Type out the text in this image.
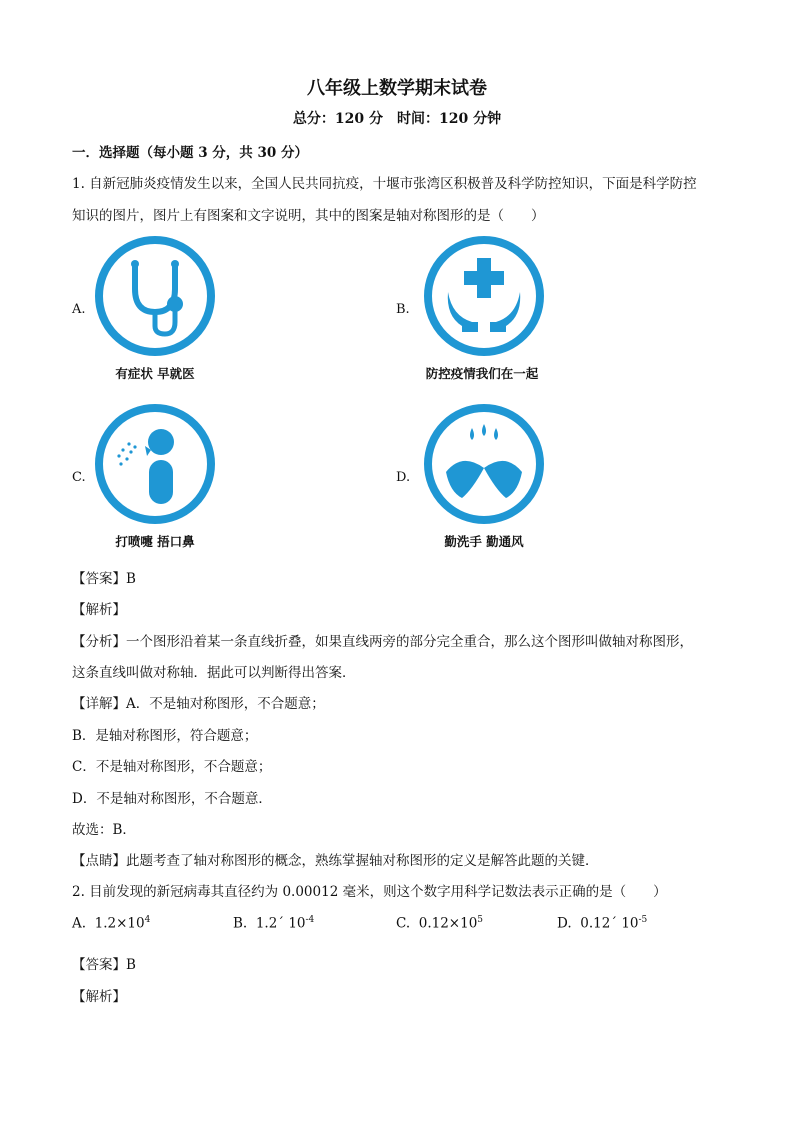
八年级上数学期末试卷
总分：120 分　时间：120 分钟
一．选择题（每小题 3 分，共 30 分）
1. 自新冠肺炎疫情发生以来，全国人民共同抗疫，十堰市张湾区积极普及科学防控知识，下面是科学防控
知识的图片，图片上有图案和文字说明，其中的图案是轴对称图形的是（　　）
A.
有症状 早就医
B.
防控疫情我们在一起
C.
打喷嚏 捂口鼻
D.
勤洗手 勤通风
【答案】B
【解析】
【分析】一个图形沿着某一条直线折叠，如果直线两旁的部分完全重合，那么这个图形叫做轴对称图形，
这条直线叫做对称轴．据此可以判断得出答案．
【详解】A．不是轴对称图形，不合题意；
B．是轴对称图形，符合题意；
C．不是轴对称图形，不合题意；
D．不是轴对称图形，不合题意．
故选：B．
【点睛】此题考查了轴对称图形的概念，熟练掌握轴对称图形的定义是解答此题的关键．
2. 目前发现的新冠病毒其直径约为 0.00012 毫米，则这个数字用科学记数法表示正确的是（　　）
A. $1.2\times 10^4$	B. 1.2´ $10^{-4}$	C. $0.12\times 10^5$	D. 0.12´ $10^{-5}$
【答案】B
【解析】
